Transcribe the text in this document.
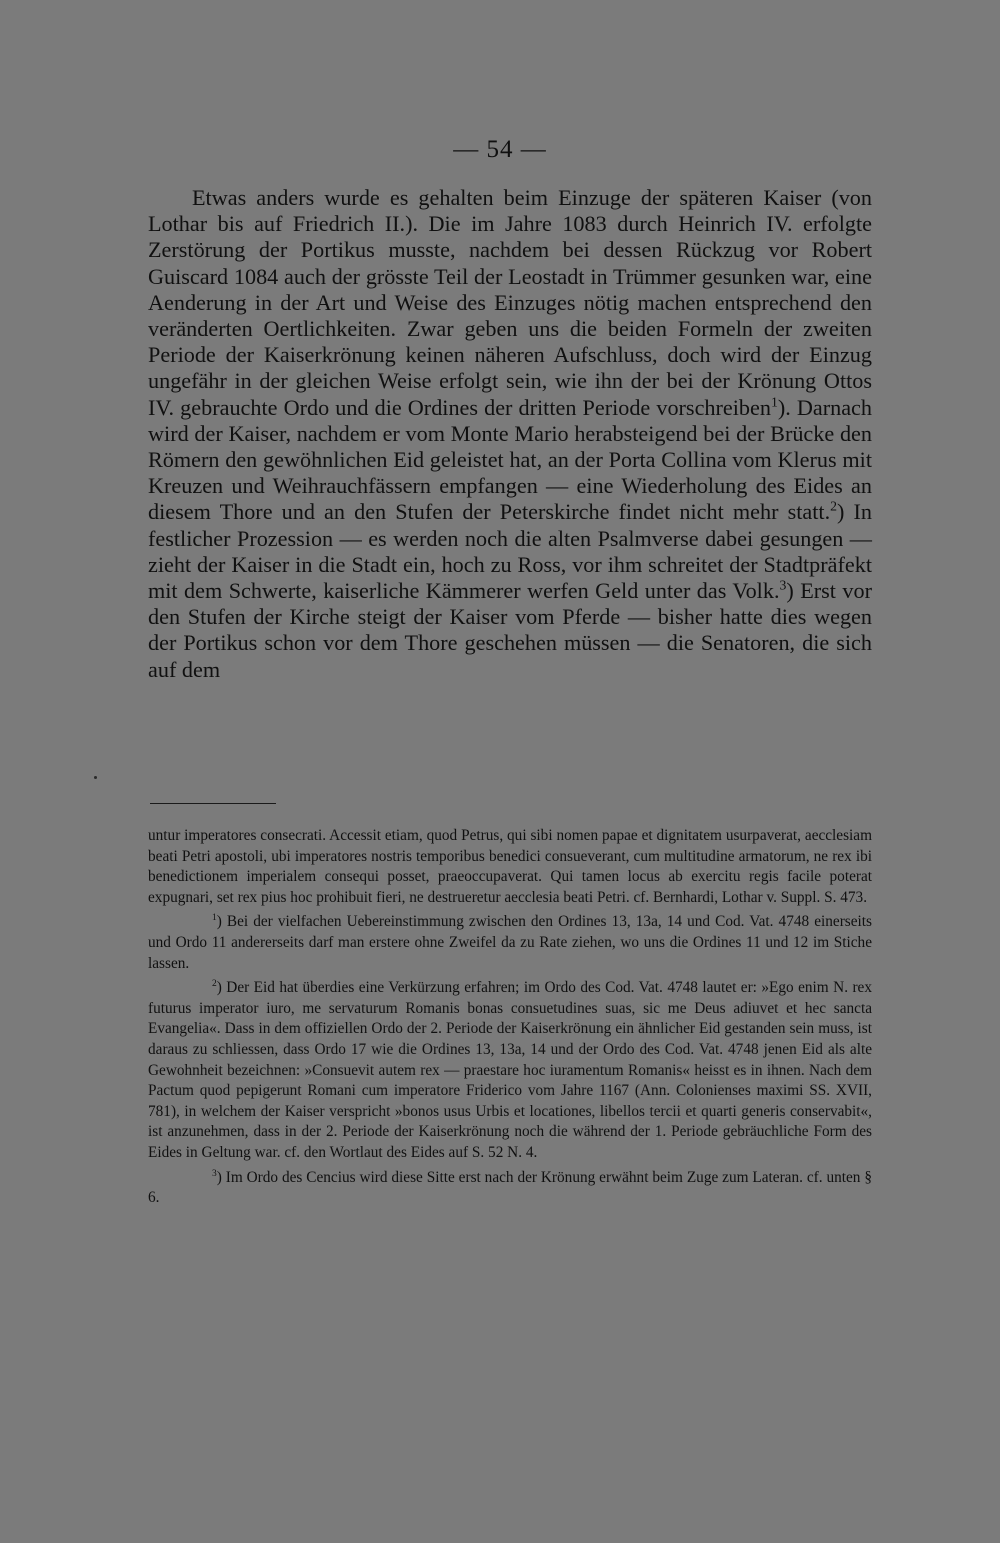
— 54 —

Etwas anders wurde es gehalten beim Einzuge der späteren Kaiser (von Lothar bis auf Friedrich II.). Die im Jahre 1083 durch Heinrich IV. erfolgte Zerstörung der Portikus musste, nachdem bei dessen Rückzug vor Robert Guiscard 1084 auch der grösste Teil der Leostadt in Trümmer gesunken war, eine Aenderung in der Art und Weise des Einzuges nötig machen entsprechend den veränderten Oertlichkeiten. Zwar geben uns die beiden Formeln der zweiten Periode der Kaiserkrönung keinen näheren Aufschluss, doch wird der Einzug ungefähr in der gleichen Weise erfolgt sein, wie ihn der bei der Krönung Ottos IV. gebrauchte Ordo und die Ordines der dritten Periode vorschreiben$^1$). Darnach wird der Kaiser, nachdem er vom Monte Mario herabsteigend bei der Brücke den Römern den gewöhnlichen Eid geleistet hat, an der Porta Collina vom Klerus mit Kreuzen und Weihrauchfässern empfangen — eine Wiederholung des Eides an diesem Thore und an den Stufen der Peterskirche findet nicht mehr statt.$^2$) In festlicher Prozession — es werden noch die alten Psalmverse dabei gesungen — zieht der Kaiser in die Stadt ein, hoch zu Ross, vor ihm schreitet der Stadtpräfekt mit dem Schwerte, kaiserliche Kämmerer werfen Geld unter das Volk.$^3$) Erst vor den Stufen der Kirche steigt der Kaiser vom Pferde — bisher hatte dies wegen der Portikus schon vor dem Thore geschehen müssen — die Senatoren, die sich auf dem

untur imperatores consecrati. Accessit etiam, quod Petrus, qui sibi nomen papae et dignitatem usurpaverat, aecclesiam beati Petri apostoli, ubi imperatores nostris temporibus benedici consueverant, cum multitudine armatorum, ne rex ibi benedictionem imperialem consequi posset, praeoccupaverat. Qui tamen locus ab exercitu regis facile poterat expugnari, set rex pius hoc prohibuit fieri, ne destrueretur aecclesia beati Petri. cf. Bernhardi, Lothar v. Suppl. S. 473.

$^1$) Bei der vielfachen Uebereinstimmung zwischen den Ordines 13, 13a, 14 und Cod. Vat. 4748 einerseits und Ordo 11 andererseits darf man erstere ohne Zweifel da zu Rate ziehen, wo uns die Ordines 11 und 12 im Stiche lassen.

$^2$) Der Eid hat überdies eine Verkürzung erfahren; im Ordo des Cod. Vat. 4748 lautet er: »Ego enim N. rex futurus imperator iuro, me servaturum Romanis bonas consuetudines suas, sic me Deus adiuvet et hec sancta Evangelia«. Dass in dem offiziellen Ordo der 2. Periode der Kaiserkrönung ein ähnlicher Eid gestanden sein muss, ist daraus zu schliessen, dass Ordo 17 wie die Ordines 13, 13a, 14 und der Ordo des Cod. Vat. 4748 jenen Eid als alte Gewohnheit bezeichnen: »Consuevit autem rex — praestare hoc iuramentum Romanis« heisst es in ihnen. Nach dem Pactum quod pepigerunt Romani cum imperatore Friderico vom Jahre 1167 (Ann. Colonienses maximi SS. XVII, 781), in welchem der Kaiser verspricht »bonos usus Urbis et locationes, libellos tercii et quarti generis conservabit«, ist anzunehmen, dass in der 2. Periode der Kaiserkrönung noch die während der 1. Periode gebräuchliche Form des Eides in Geltung war. cf. den Wortlaut des Eides auf S. 52 N. 4.

$^3$) Im Ordo des Cencius wird diese Sitte erst nach der Krönung erwähnt beim Zuge zum Lateran. cf. unten § 6.
